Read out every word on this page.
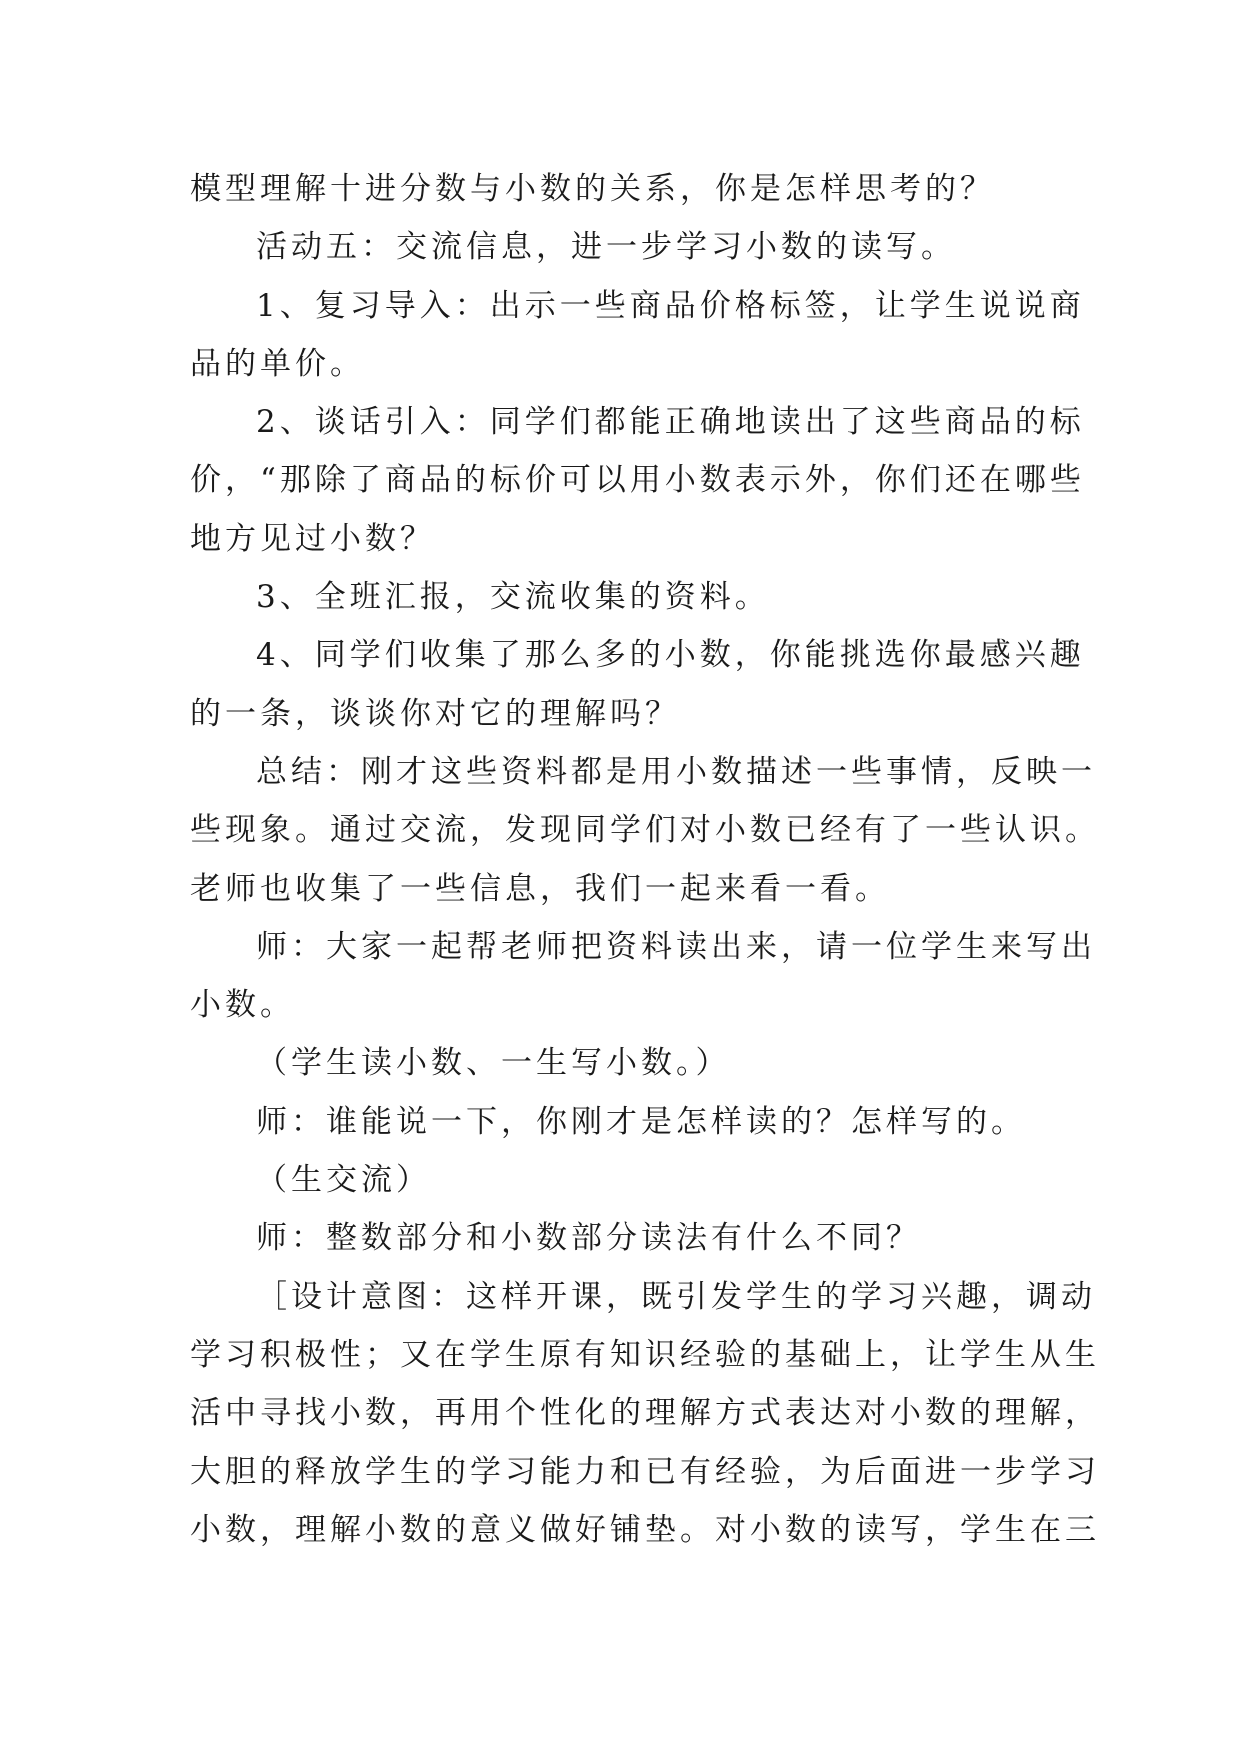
模型理解十进分数与小数的关系，你是怎样思考的？
活动五：交流信息，进一步学习小数的读写。
1、复习导入：出示一些商品价格标签，让学生说说商
品的单价。
2、谈话引入：同学们都能正确地读出了这些商品的标
价，“那除了商品的标价可以用小数表示外，你们还在哪些
地方见过小数？
3、全班汇报，交流收集的资料。
4、同学们收集了那么多的小数，你能挑选你最感兴趣
的一条，谈谈你对它的理解吗？
总结：刚才这些资料都是用小数描述一些事情，反映一
些现象。通过交流，发现同学们对小数已经有了一些认识。
老师也收集了一些信息，我们一起来看一看。
师：大家一起帮老师把资料读出来，请一位学生来写出
小数。
（学生读小数、一生写小数。）
师：谁能说一下，你刚才是怎样读的？怎样写的。
（生交流）
师：整数部分和小数部分读法有什么不同？
［设计意图：这样开课，既引发学生的学习兴趣，调动
学习积极性；又在学生原有知识经验的基础上，让学生从生
活中寻找小数，再用个性化的理解方式表达对小数的理解，
大胆的释放学生的学习能力和已有经验，为后面进一步学习
小数，理解小数的意义做好铺垫。对小数的读写，学生在三
